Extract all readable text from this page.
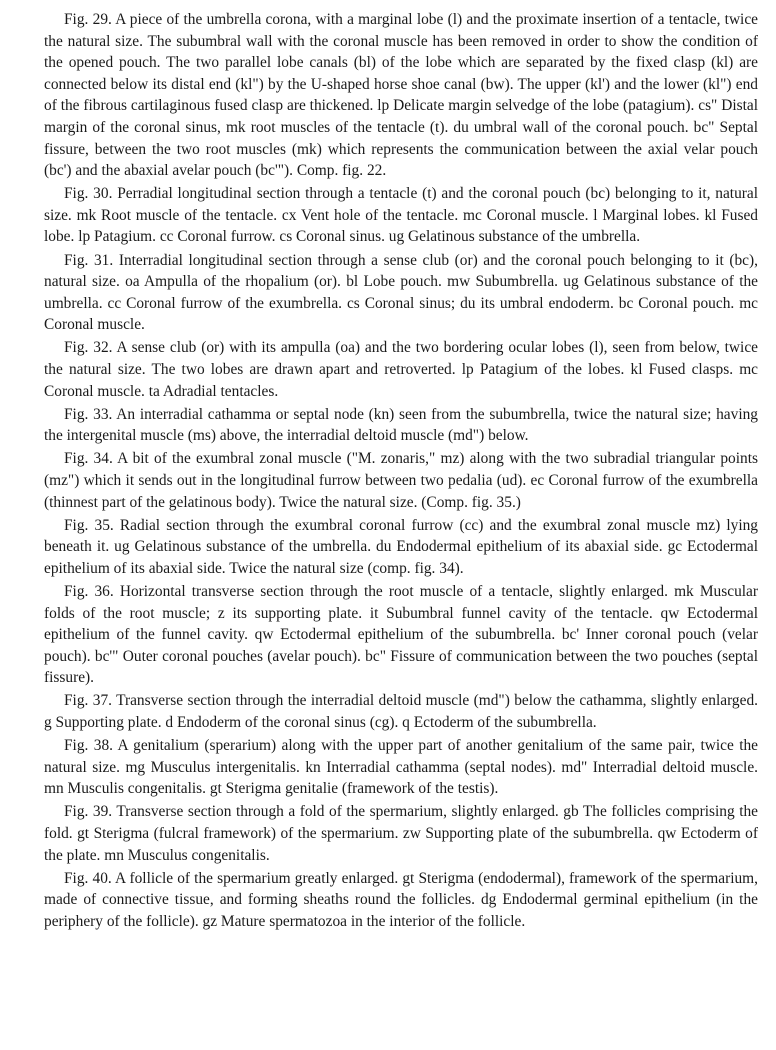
Fig. 29. A piece of the umbrella corona, with a marginal lobe (l) and the proximate insertion of a tentacle, twice the natural size. The subumbral wall with the coronal muscle has been removed in order to show the condition of the opened pouch. The two parallel lobe canals (bl) of the lobe which are separated by the fixed clasp (kl) are connected below its distal end (kl") by the U-shaped horse shoe canal (bw). The upper (kl') and the lower (kl") end of the fibrous cartilaginous fused clasp are thickened. lp Delicate margin selvedge of the lobe (patagium). cs" Distal margin of the coronal sinus, mk root muscles of the tentacle (t). du umbral wall of the coronal pouch. bc" Septal fissure, between the two root muscles (mk) which represents the communication between the axial velar pouch (bc') and the abaxial avelar pouch (bc'"). Comp. fig. 22.

Fig. 30. Perradial longitudinal section through a tentacle (t) and the coronal pouch (bc) belonging to it, natural size. mk Root muscle of the tentacle. cx Vent hole of the tentacle. mc Coronal muscle. l Marginal lobes. kl Fused lobe. lp Patagium. cc Coronal furrow. cs Coronal sinus. ug Gelatinous substance of the umbrella.

Fig. 31. Interradial longitudinal section through a sense club (or) and the coronal pouch belonging to it (bc), natural size. oa Ampulla of the rhopalium (or). bl Lobe pouch. mw Subumbrella. ug Gelatinous substance of the umbrella. cc Coronal furrow of the exumbrella. cs Coronal sinus; du its umbral endoderm. bc Coronal pouch. mc Coronal muscle.

Fig. 32. A sense club (or) with its ampulla (oa) and the two bordering ocular lobes (l), seen from below, twice the natural size. The two lobes are drawn apart and retroverted. lp Patagium of the lobes. kl Fused clasps. mc Coronal muscle. ta Adradial tentacles.

Fig. 33. An interradial cathamma or septal node (kn) seen from the subumbrella, twice the natural size; having the intergenital muscle (ms) above, the interradial deltoid muscle (md") below.

Fig. 34. A bit of the exumbral zonal muscle ("M. zonaris," mz) along with the two subradial triangular points (mz") which it sends out in the longitudinal furrow between two pedalia (ud). ec Coronal furrow of the exumbrella (thinnest part of the gelatinous body). Twice the natural size. (Comp. fig. 35.)

Fig. 35. Radial section through the exumbral coronal furrow (cc) and the exumbral zonal muscle mz) lying beneath it. ug Gelatinous substance of the umbrella. du Endodermal epithelium of its abaxial side. gc Ectodermal epithelium of its abaxial side. Twice the natural size (comp. fig. 34).

Fig. 36. Horizontal transverse section through the root muscle of a tentacle, slightly enlarged. mk Muscular folds of the root muscle; z its supporting plate. it Subumbral funnel cavity of the tentacle. qw Ectodermal epithelium of the funnel cavity. qw Ectodermal epithelium of the subumbrella. bc' Inner coronal pouch (velar pouch). bc'" Outer coronal pouches (avelar pouch). bc" Fissure of communication between the two pouches (septal fissure).

Fig. 37. Transverse section through the interradial deltoid muscle (md") below the cathamma, slightly enlarged. g Supporting plate. d Endoderm of the coronal sinus (cg). q Ectoderm of the subumbrella.

Fig. 38. A genitalium (sperarium) along with the upper part of another genitalium of the same pair, twice the natural size. mg Musculus intergenitalis. kn Interradial cathamma (septal nodes). md" Interradial deltoid muscle. mn Musculis congenitalis. gt Sterigma genitalie (framework of the testis).

Fig. 39. Transverse section through a fold of the spermarium, slightly enlarged. gb The follicles comprising the fold. gt Sterigma (fulcral framework) of the spermarium. zw Supporting plate of the subumbrella. qw Ectoderm of the plate. mn Musculus congenitalis.

Fig. 40. A follicle of the spermarium greatly enlarged. gt Sterigma (endodermal), framework of the spermarium, made of connective tissue, and forming sheaths round the follicles. dg Endodermal germinal epithelium (in the periphery of the follicle). gz Mature spermatozoa in the interior of the follicle.
